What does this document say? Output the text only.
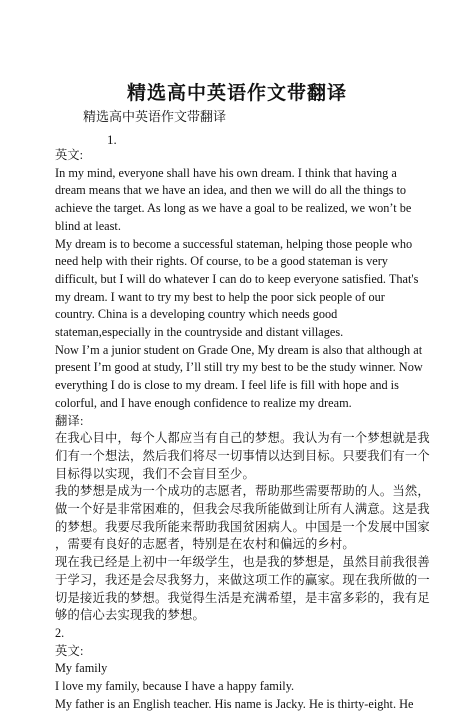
精选高中英语作文带翻译
精选高中英语作文带翻译
1.
英文:
In my mind, everyone shall have his own dream. I think that having a
dream means that we have an idea, and then we will do all the things to
achieve the target. As long as we have a goal to be realized, we won’t be
blind at least.
My dream is to become a successful stateman, helping those people who
need help with their rights. Of course, to be a good stateman is very
difficult, but I will do whatever I can do to keep everyone satisfied. That's
my dream. I want to try my best to help the poor sick people of our
country. China is a developing country which needs good
stateman,especially in the countryside and distant villages.
Now I’m a junior student on Grade One, My dream is also that although at
present I’m good at study, I’ll still try my best to be the study winner. Now
everything I do is close to my dream. I feel life is fill with hope and is
colorful, and I have enough confidence to realize my dream.
翻译:
在我心目中，每个人都应当有自己的梦想。我认为有一个梦想就是我
们有一个想法，然后我们将尽一切事情以达到目标。只要我们有一个
目标得以实现，我们不会盲目至少。
我的梦想是成为一个成功的志愿者，帮助那些需要帮助的人。当然，
做一个好是非常困难的，但我会尽我所能做到让所有人满意。这是我
的梦想。我要尽我所能来帮助我国贫困病人。中国是一个发展中国家
，需要有良好的志愿者，特别是在农村和偏远的乡村。
现在我已经是上初中一年级学生，也是我的梦想是，虽然目前我很善
于学习，我还是会尽我努力，来做这项工作的赢家。现在我所做的一
切是接近我的梦想。我觉得生活是充满希望，是丰富多彩的，我有足
够的信心去实现我的梦想。
2.
英文:
My family
I love my family, because I have a happy family.
My father is an English teacher. His name is Jacky. He is thirty-eight. He
